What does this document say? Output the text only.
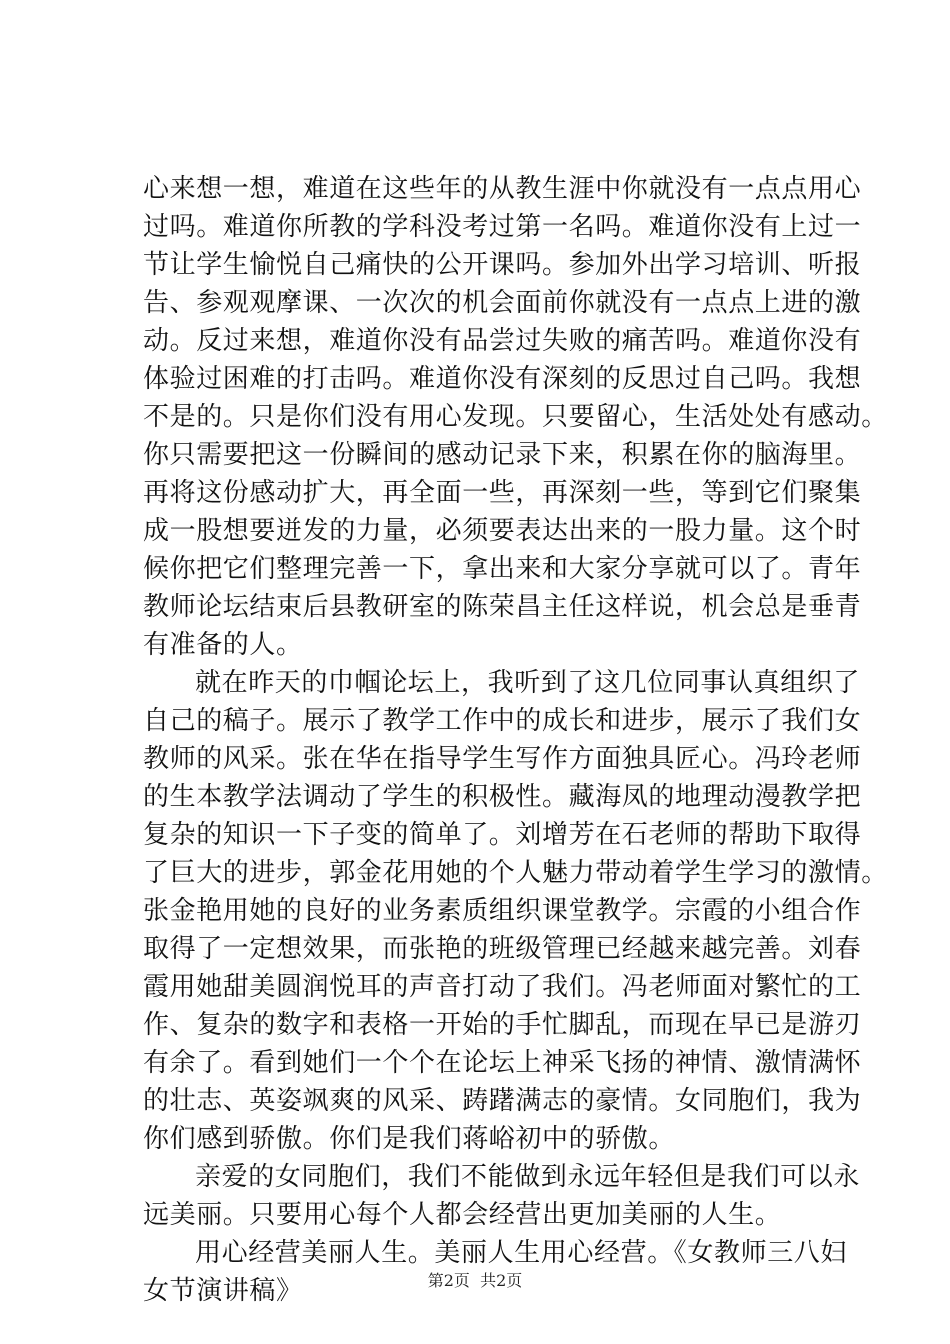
心来想一想，难道在这些年的从教生涯中你就没有一点点用心
过吗。难道你所教的学科没考过第一名吗。难道你没有上过一
节让学生愉悦自己痛快的公开课吗。参加外出学习培训、听报
告、参观观摩课、一次次的机会面前你就没有一点点上进的激
动。反过来想，难道你没有品尝过失败的痛苦吗。难道你没有
体验过困难的打击吗。难道你没有深刻的反思过自己吗。我想
不是的。只是你们没有用心发现。只要留心，生活处处有感动。
你只需要把这一份瞬间的感动记录下来，积累在你的脑海里。
再将这份感动扩大，再全面一些，再深刻一些，等到它们聚集
成一股想要迸发的力量，必须要表达出来的一股力量。这个时
候你把它们整理完善一下，拿出来和大家分享就可以了。青年
教师论坛结束后县教研室的陈荣昌主任这样说，机会总是垂青
有准备的人。
就在昨天的巾帼论坛上，我听到了这几位同事认真组织了
自己的稿子。展示了教学工作中的成长和进步，展示了我们女
教师的风采。张在华在指导学生写作方面独具匠心。冯玲老师
的生本教学法调动了学生的积极性。藏海凤的地理动漫教学把
复杂的知识一下子变的简单了。刘增芳在石老师的帮助下取得
了巨大的进步，郭金花用她的个人魅力带动着学生学习的激情。
张金艳用她的良好的业务素质组织课堂教学。宗霞的小组合作
取得了一定想效果，而张艳的班级管理已经越来越完善。刘春
霞用她甜美圆润悦耳的声音打动了我们。冯老师面对繁忙的工
作、复杂的数字和表格一开始的手忙脚乱，而现在早已是游刃
有余了。看到她们一个个在论坛上神采飞扬的神情、激情满怀
的壮志、英姿飒爽的风采、踌躇满志的豪情。女同胞们，我为
你们感到骄傲。你们是我们蒋峪初中的骄傲。
亲爱的女同胞们，我们不能做到永远年轻但是我们可以永
远美丽。只要用心每个人都会经营出更加美丽的人生。
用心经营美丽人生。美丽人生用心经营。《女教师三八妇
女节演讲稿》	第2页  共2页
